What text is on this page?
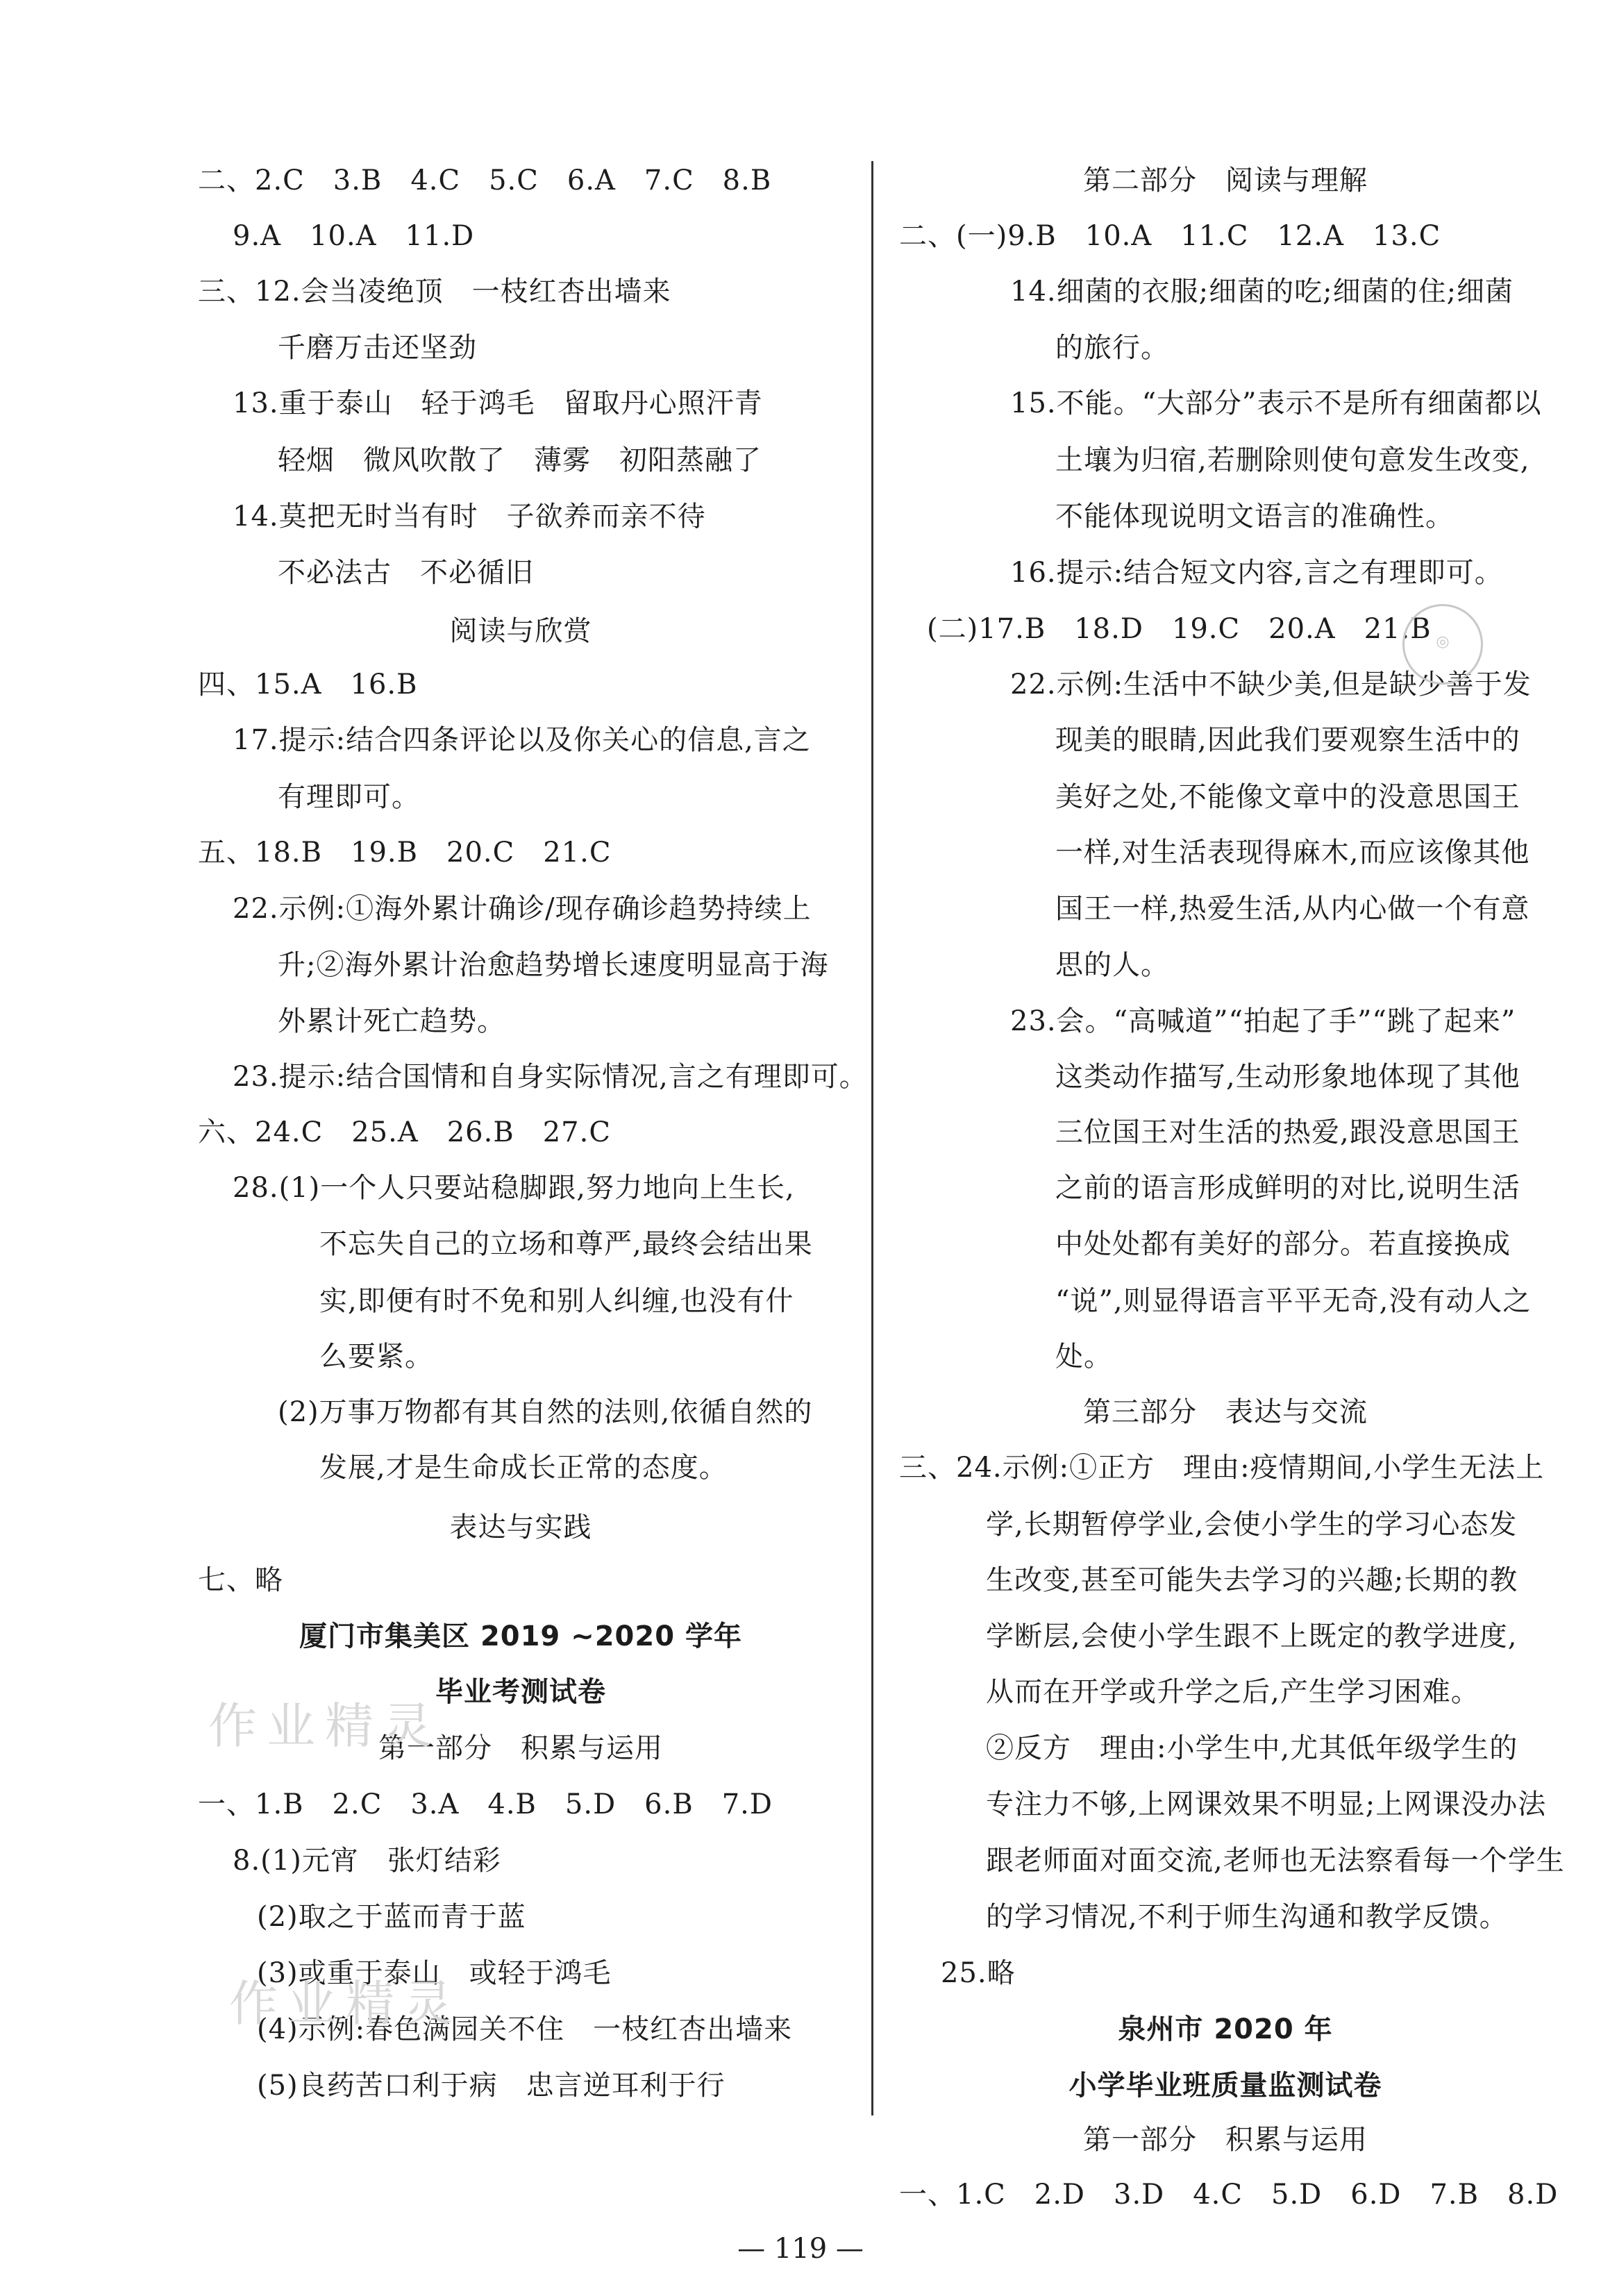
二、2.C　3.B　4.C　5.C　6.A　7.C　8.B
9.A　10.A　11.D
三、12.会当凌绝顶　一枝红杏出墙来
千磨万击还坚劲
13.重于泰山　轻于鸿毛　留取丹心照汗青
轻烟　微风吹散了　薄雾　初阳蒸融了
14.莫把无时当有时　子欲养而亲不待
不必法古　不必循旧
阅读与欣赏
四、15.A　16.B
17.提示:结合四条评论以及你关心的信息,言之
有理即可。
五、18.B　19.B　20.C　21.C
22.示例:①海外累计确诊/现存确诊趋势持续上
升;②海外累计治愈趋势增长速度明显高于海
外累计死亡趋势。
23.提示:结合国情和自身实际情况,言之有理即可。
六、24.C　25.A　26.B　27.C
28.(1)一个人只要站稳脚跟,努力地向上生长,
不忘失自己的立场和尊严,最终会结出果
实,即便有时不免和别人纠缠,也没有什
么要紧。
(2)万事万物都有其自然的法则,依循自然的
发展,才是生命成长正常的态度。
表达与实践
七、略
厦门市集美区 2019 ~2020 学年
毕业考测试卷
第一部分　积累与运用
一、1.B　2.C　3.A　4.B　5.D　6.B　7.D
8.(1)元宵　张灯结彩
(2)取之于蓝而青于蓝
(3)或重于泰山　或轻于鸿毛
(4)示例:春色满园关不住　一枝红杏出墙来
(5)良药苦口利于病　忠言逆耳利于行
第二部分　阅读与理解
二、(一)9.B　10.A　11.C　12.A　13.C
14.细菌的衣服;细菌的吃;细菌的住;细菌
的旅行。
15.不能。“大部分”表示不是所有细菌都以
土壤为归宿,若删除则使句意发生改变,
不能体现说明文语言的准确性。
16.提示:结合短文内容,言之有理即可。
(二)17.B　18.D　19.C　20.A　21.B
22.示例:生活中不缺少美,但是缺少善于发
现美的眼睛,因此我们要观察生活中的
美好之处,不能像文章中的没意思国王
一样,对生活表现得麻木,而应该像其他
国王一样,热爱生活,从内心做一个有意
思的人。
23.会。“高喊道”“拍起了手”“跳了起来”
这类动作描写,生动形象地体现了其他
三位国王对生活的热爱,跟没意思国王
之前的语言形成鲜明的对比,说明生活
中处处都有美好的部分。若直接换成
“说”,则显得语言平平无奇,没有动人之
处。
第三部分　表达与交流
三、24.示例:①正方　理由:疫情期间,小学生无法上
学,长期暂停学业,会使小学生的学习心态发
生改变,甚至可能失去学习的兴趣;长期的教
学断层,会使小学生跟不上既定的教学进度,
从而在开学或升学之后,产生学习困难。
②反方　理由:小学生中,尤其低年级学生的
专注力不够,上网课效果不明显;上网课没办法
跟老师面对面交流,老师也无法察看每一个学生
的学习情况,不利于师生沟通和教学反馈。
25.略
泉州市 2020 年
小学毕业班质量监测试卷
第一部分　积累与运用
一、1.C　2.D　3.D　4.C　5.D　6.D　7.B　8.D
作业精灵
作业精灵
◎
— 119 —
